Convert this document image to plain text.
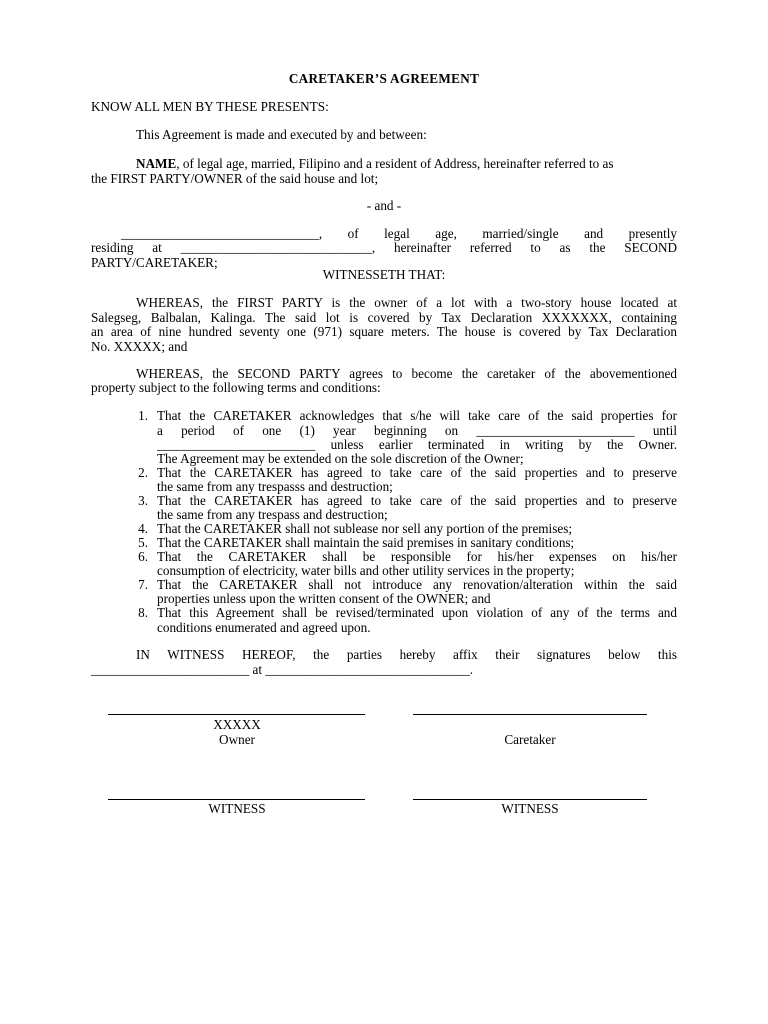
CARETAKER’S AGREEMENT
KNOW ALL MEN BY THESE PRESENTS:
This Agreement is made and executed by and between:
NAME, of legal age, married, Filipino and a resident of Address, hereinafter referred to as
the FIRST PARTY/OWNER of the said house and lot;
- and -
______________________________, of legal age, married/single and presently
residing at _____________________________, hereinafter referred to as the SECOND
PARTY/CARETAKER;
WITNESSETH THAT:
WHEREAS, the FIRST PARTY is the owner of a lot with a two-story house located at
Salegseg, Balbalan, Kalinga. The said lot is covered by Tax Declaration XXXXXXX, containing
an area of nine hundred seventy one (971) square meters. The house is covered by Tax Declaration
No. XXXXX; and
WHEREAS, the SECOND PARTY agrees to become the caretaker of the abovementioned
property subject to the following terms and conditions:
1. That the CARETAKER acknowledges that s/he will take care of the said properties for
a period of one (1) year beginning on ________________________ until
________________________ unless earlier terminated in writing by the Owner.
The Agreement may be extended on the sole discretion of the Owner;
2. That the CARETAKER has agreed to take care of the said properties and to preserve
the same from any trespasss and destruction;
3. That the CARETAKER has agreed to take care of the said properties and to preserve
the same from any trespass and destruction;
4. That the CARETAKER shall not sublease nor sell any portion of the premises;
5. That the CARETAKER shall maintain the said premises in sanitary conditions;
6. That the CARETAKER shall be responsible for his/her expenses on his/her
consumption of electricity, water bills and other utility services in the property;
7. That the CARETAKER shall not introduce any renovation/alteration within the said
properties unless upon the written consent of the OWNER; and
8. That this Agreement shall be revised/terminated upon violation of any of the terms and
conditions enumerated and agreed upon.
IN WITNESS HEREOF, the parties hereby affix their signatures below this
________________________ at _______________________________.
XXXXX
Owner	Caretaker
WITNESS	WITNESS
